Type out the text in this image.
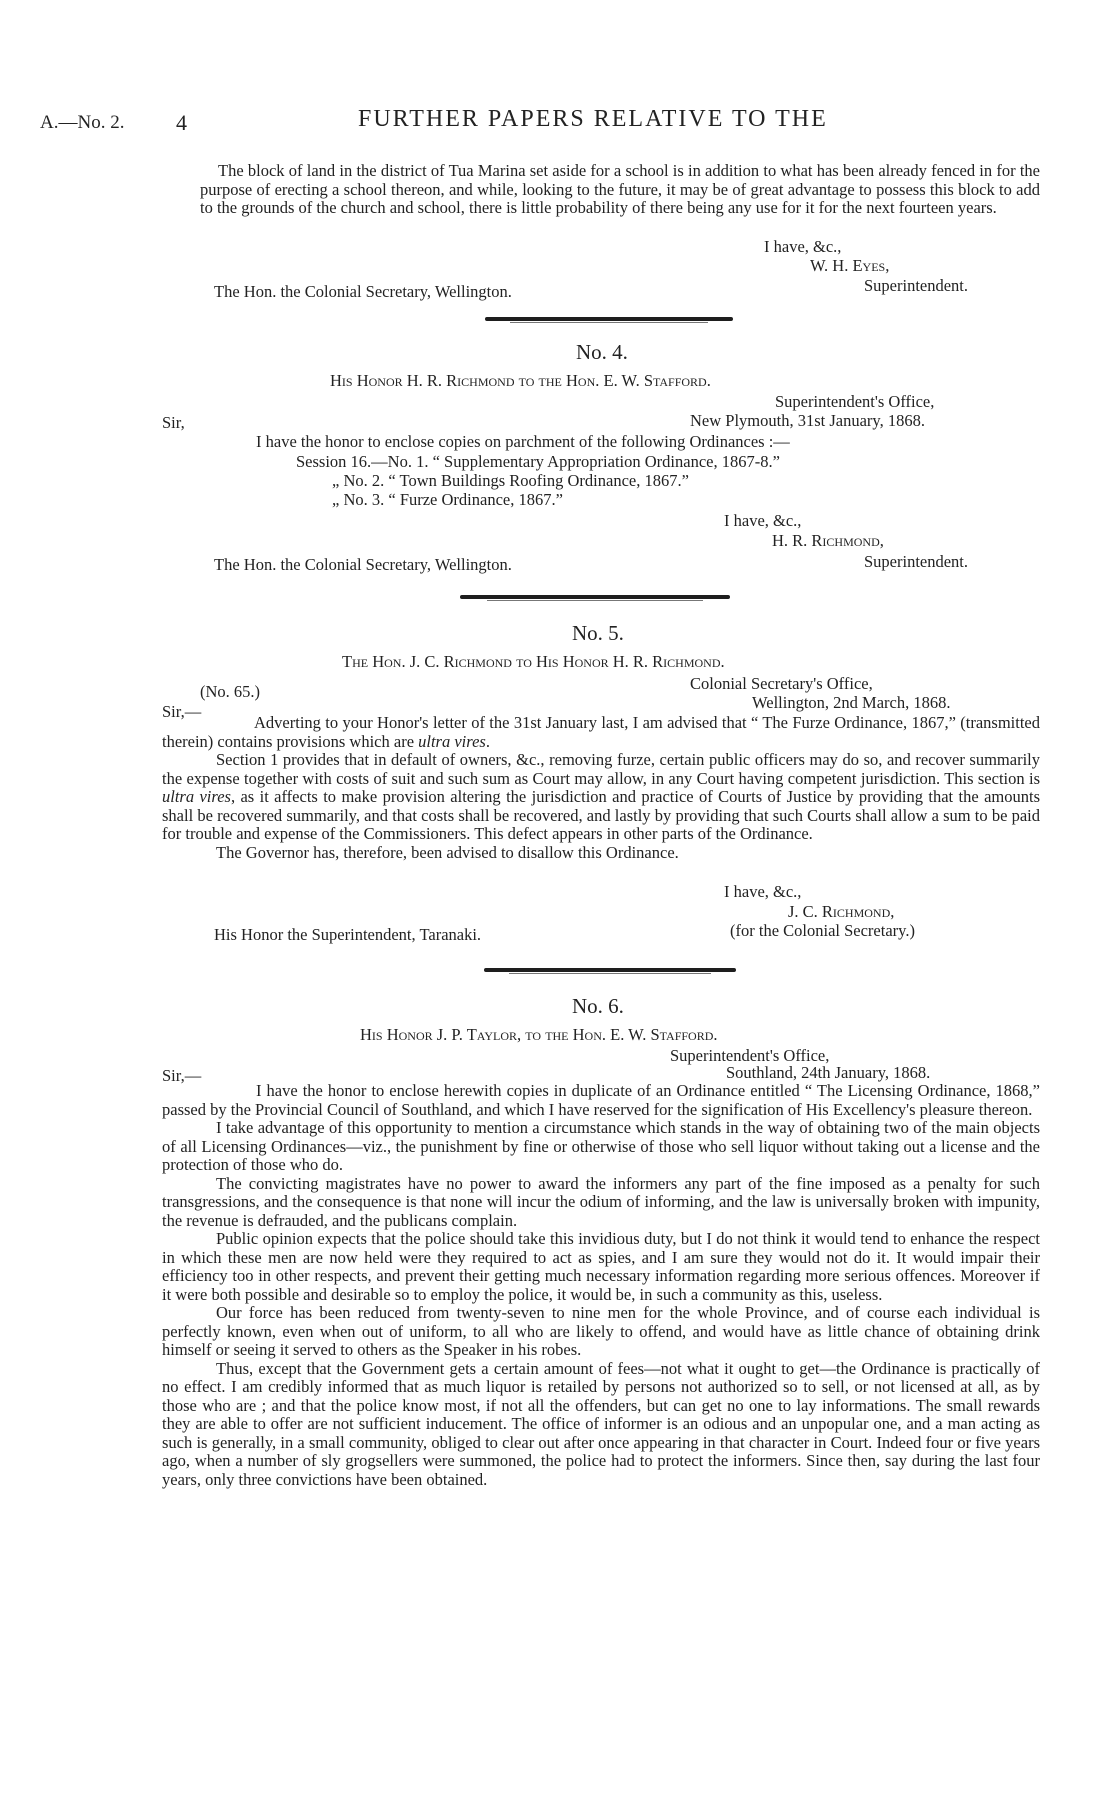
A.—No. 2. 4	FURTHER PAPERS RELATIVE TO THE

The block of land in the district of Tua Marina set aside for a school is in addition to what has been already fenced in for the purpose of erecting a school thereon, and while, looking to the future, it may be of great advantage to possess this block to add to the grounds of the church and school, there is little probability of there being any use for it for the next fourteen years.

I have, &c.,
W. H. Eyes,
Superintendent.
The Hon. the Colonial Secretary, Wellington.
No. 4.
His Honor H. R. Richmond to the Hon. E. W. Stafford.
Superintendent's Office,
Sir,	New Plymouth, 31st January, 1868.
I have the honor to enclose copies on parchment of the following Ordinances :—
Session 16.—No. 1. “ Supplementary Appropriation Ordinance, 1867-8.”
„ No. 2. “ Town Buildings Roofing Ordinance, 1867.”
„ No. 3. “ Furze Ordinance, 1867.”
I have, &c.,
H. R. Richmond,
Superintendent.
The Hon. the Colonial Secretary, Wellington.
No. 5.
The Hon. J. C. Richmond to His Honor H. R. Richmond.
(No. 65.)	Colonial Secretary's Office,
Sir,—	Wellington, 2nd March, 1868.

Adverting to your Honor's letter of the 31st January last, I am advised that “ The Furze Ordinance, 1867,” (transmitted therein) contains provisions which are ultra vires.

Section 1 provides that in default of owners, &c., removing furze, certain public officers may do so, and recover summarily the expense together with costs of suit and such sum as Court may allow, in any Court having competent jurisdiction. This section is ultra vires, as it affects to make provision altering the jurisdiction and practice of Courts of Justice by providing that the amounts shall be recovered summarily, and that costs shall be recovered, and lastly by providing that such Courts shall allow a sum to be paid for trouble and expense of the Commissioners. This defect appears in other parts of the Ordinance.

The Governor has, therefore, been advised to disallow this Ordinance.

I have, &c.,
J. C. Richmond,
(for the Colonial Secretary.)
His Honor the Superintendent, Taranaki.
No. 6.
His Honor J. P. Taylor, to the Hon. E. W. Stafford.
Superintendent's Office,
Sir,—	Southland, 24th January, 1868.

I have the honor to enclose herewith copies in duplicate of an Ordinance entitled “ The Licensing Ordinance, 1868,” passed by the Provincial Council of Southland, and which I have reserved for the signification of His Excellency's pleasure thereon.

I take advantage of this opportunity to mention a circumstance which stands in the way of obtaining two of the main objects of all Licensing Ordinances—viz., the punishment by fine or otherwise of those who sell liquor without taking out a license and the protection of those who do.

The convicting magistrates have no power to award the informers any part of the fine imposed as a penalty for such transgressions, and the consequence is that none will incur the odium of informing, and the law is universally broken with impunity, the revenue is defrauded, and the publicans complain.

Public opinion expects that the police should take this invidious duty, but I do not think it would tend to enhance the respect in which these men are now held were they required to act as spies, and I am sure they would not do it. It would impair their efficiency too in other respects, and prevent their getting much necessary information regarding more serious offences. Moreover if it were both possible and desirable so to employ the police, it would be, in such a community as this, useless.

Our force has been reduced from twenty-seven to nine men for the whole Province, and of course each individual is perfectly known, even when out of uniform, to all who are likely to offend, and would have as little chance of obtaining drink himself or seeing it served to others as the Speaker in his robes.

Thus, except that the Government gets a certain amount of fees—not what it ought to get—the Ordinance is practically of no effect. I am credibly informed that as much liquor is retailed by persons not authorized so to sell, or not licensed at all, as by those who are ; and that the police know most, if not all the offenders, but can get no one to lay informations. The small rewards they are able to offer are not sufficient inducement. The office of informer is an odious and an unpopular one, and a man acting as such is generally, in a small community, obliged to clear out after once appearing in that character in Court. Indeed four or five years ago, when a number of sly grogsellers were summoned, the police had to protect the informers. Since then, say during the last four years, only three convictions have been obtained.
